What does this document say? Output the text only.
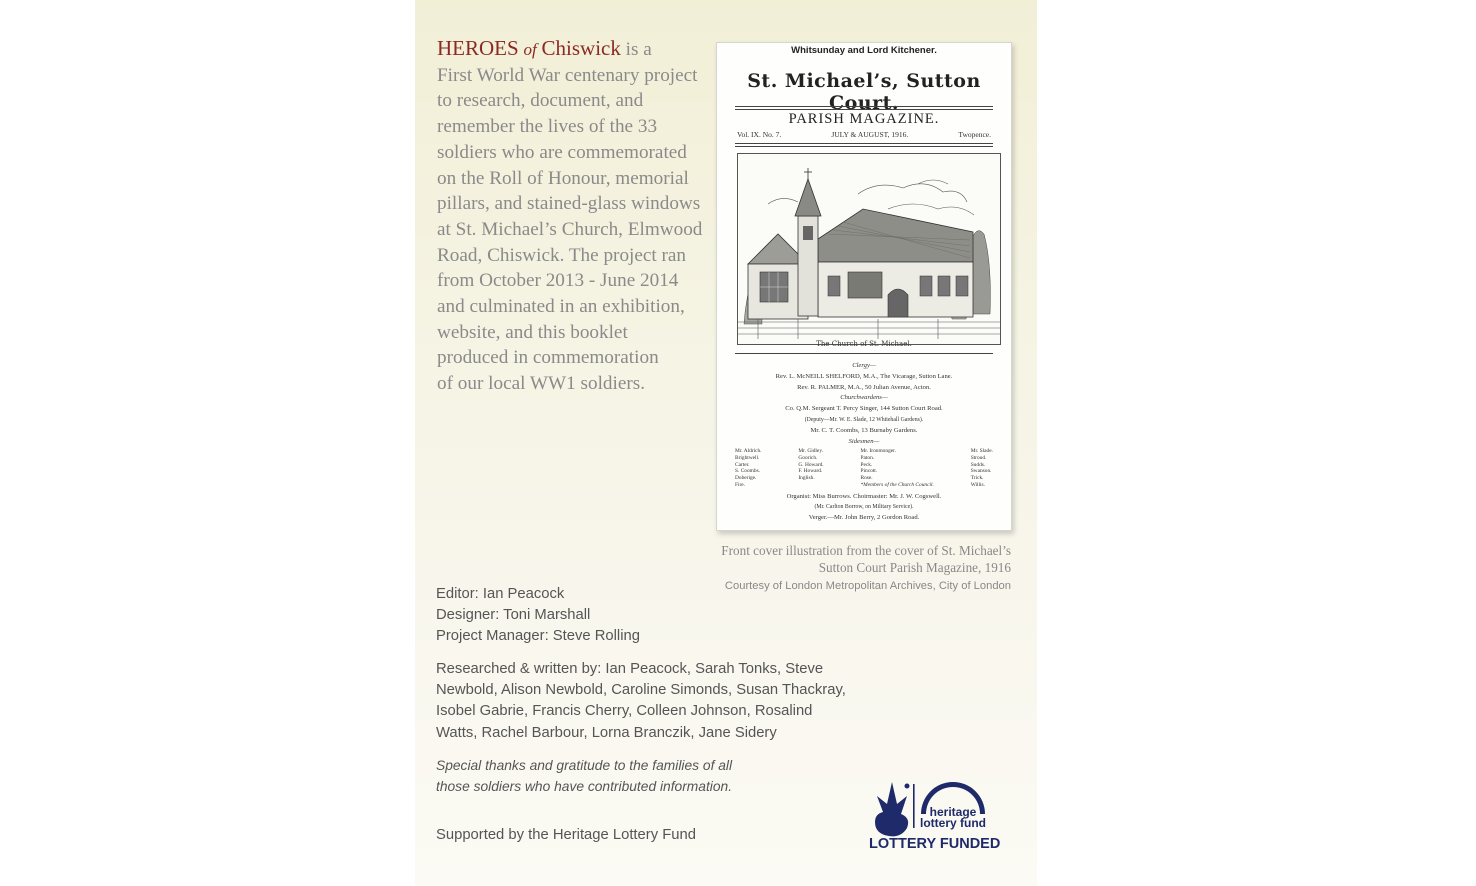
HEROES of Chiswick is a
First World War centenary project
to research, document, and
remember the lives of the 33
soldiers who are commemorated
on the Roll of Honour, memorial
pillars, and stained-glass windows
at St. Michael’s Church, Elmwood
Road, Chiswick. The project ran
from October 2013 - June 2014
and culminated in an exhibition,
website, and this booklet
produced in commemoration
of our local WW1 soldiers.
Whitsunday and Lord Kitchener.
St. Michael’s, Sutton Court.
PARISH MAGAZINE.
Vol. IX. No. 7.	JULY & AUGUST, 1916.	Twopence.
The Church of St. Michael.
Clergy—
Rev. L. McNEILL SHELFORD, M.A., The Vicarage, Sutton Lane.
Rev. R. PALMER, M.A., 50 Julian Avenue, Acton.
Churchwardens—
Co. Q.M. Sergeant T. Percy Singer, 144 Sutton Court Road.
(Deputy—Mr. W. E. Slade, 12 Whitehall Gardens).
Mr. C. T. Coombs, 13 Burnaby Gardens.
Sidesmen—
Mr. Aldrich.
Brightwell.
Carter.
S. Coombs.
Doberige.
Fire.
Mr. Gidley.
Goorich.
G. Howard.
F. Howard.
Inglish.
Mr. Ironmonger.
Paton.
Peck.
Pincott.
Rose.
*Members of the Church Council.
Mr. Slade.
Stroud.
Sudds.
Swanson.
Trick.
Willis.
Organist: Miss Burrows. Choirmaster: Mr. J. W. Cogswell.
(Mr. Carlton Borrow, on Military Service).
Verger.—Mr. John Berry, 2 Gordon Road.
Front cover illustration from the cover of St. Michael’s
Sutton Court Parish Magazine, 1916
Courtesy of London Metropolitan Archives, City of London
Editor: Ian Peacock
Designer: Toni Marshall
Project Manager: Steve Rolling
Researched & written by: Ian Peacock, Sarah Tonks, Steve
Newbold, Alison Newbold, Caroline Simonds, Susan Thackray,
Isobel Gabrie, Francis Cherry, Colleen Johnson, Rosalind
Watts, Rachel Barbour, Lorna Branczik, Jane Sidery
Special thanks and gratitude to the families of all
those soldiers who have contributed information.
Supported by the Heritage Lottery Fund
heritage
lottery fund
LOTTERY FUNDED
